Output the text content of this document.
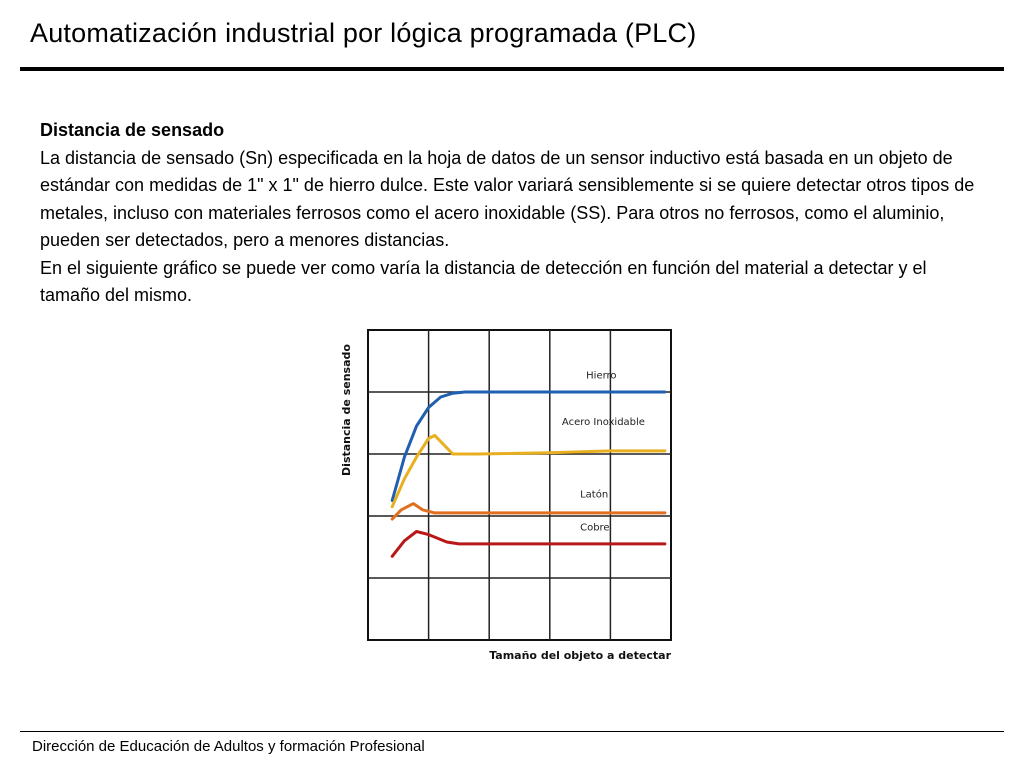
Automatización industrial por lógica programada (PLC)
Distancia de sensado
La distancia de sensado (Sn) especificada en la hoja de datos de un sensor inductivo está basada en un objeto de estándar con medidas de 1" x 1" de hierro dulce. Este valor variará sensiblemente si se quiere detectar otros tipos de metales, incluso con materiales ferrosos como el acero inoxidable (SS). Para otros no ferrosos, como el aluminio, pueden ser detectados, pero a menores distancias.
En el siguiente gráfico se puede ver como varía la distancia de detección en función del material a detectar y el tamaño del mismo.
Hierro
Acero Inoxidable
Latón
Cobre
Distancia de sensado
Tamaño del objeto a detectar
Dirección de Educación de Adultos y formación Profesional
